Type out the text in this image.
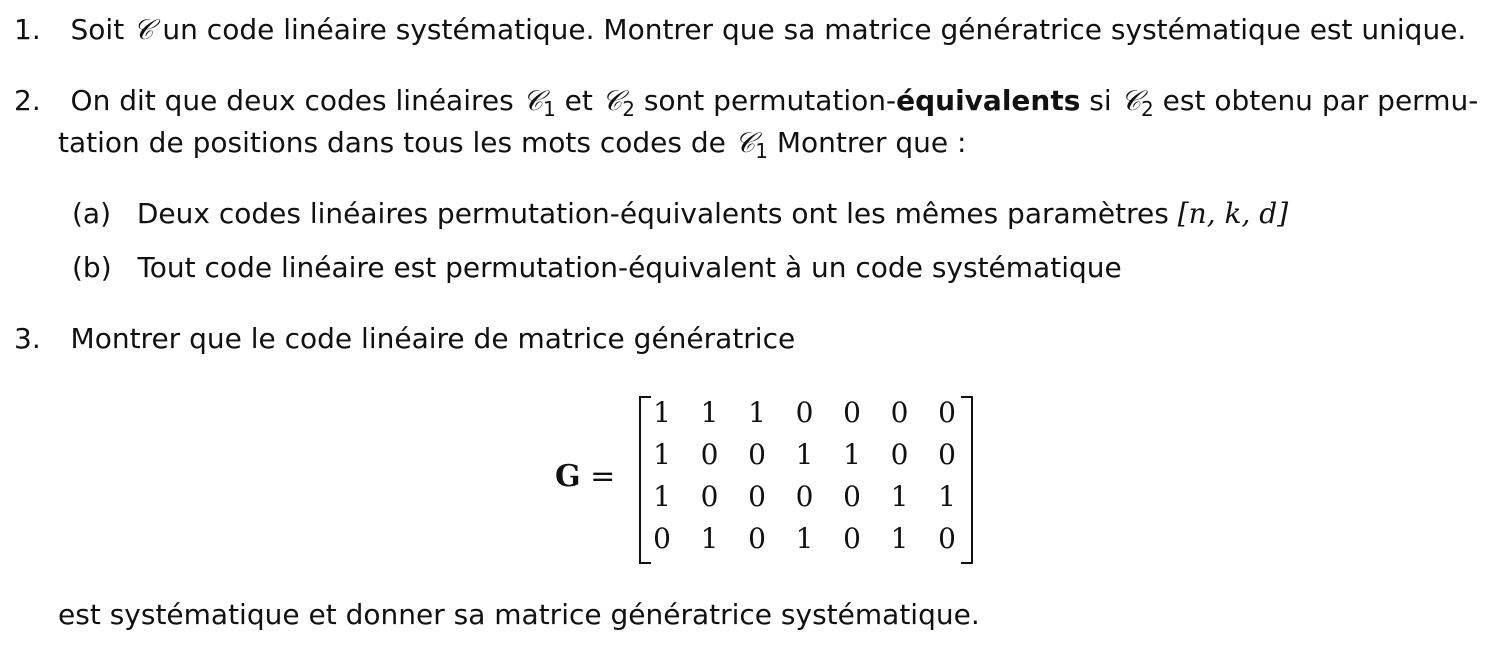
1. Soit 𝒞 un code linéaire systématique. Montrer que sa matrice génératrice systématique est unique.
2. On dit que deux codes linéaires 𝒞$_1$ et 𝒞$_2$ sont permutation-équivalents si 𝒞$_2$ est obtenu par permu-
tation de positions dans tous les mots codes de 𝒞$_1$ Montrer que :
(a) Deux codes linéaires permutation-équivalents ont les mêmes paramètres [n, k, d]
(b) Tout code linéaire est permutation-équivalent à un code systématique
3. Montrer que le code linéaire de matrice génératrice
G =
1 1 1 0 0 0 0
1 0 0 1 1 0 0
1 0 0 0 0 1 1
0 1 0 1 0 1 0
est systématique et donner sa matrice génératrice systématique.
